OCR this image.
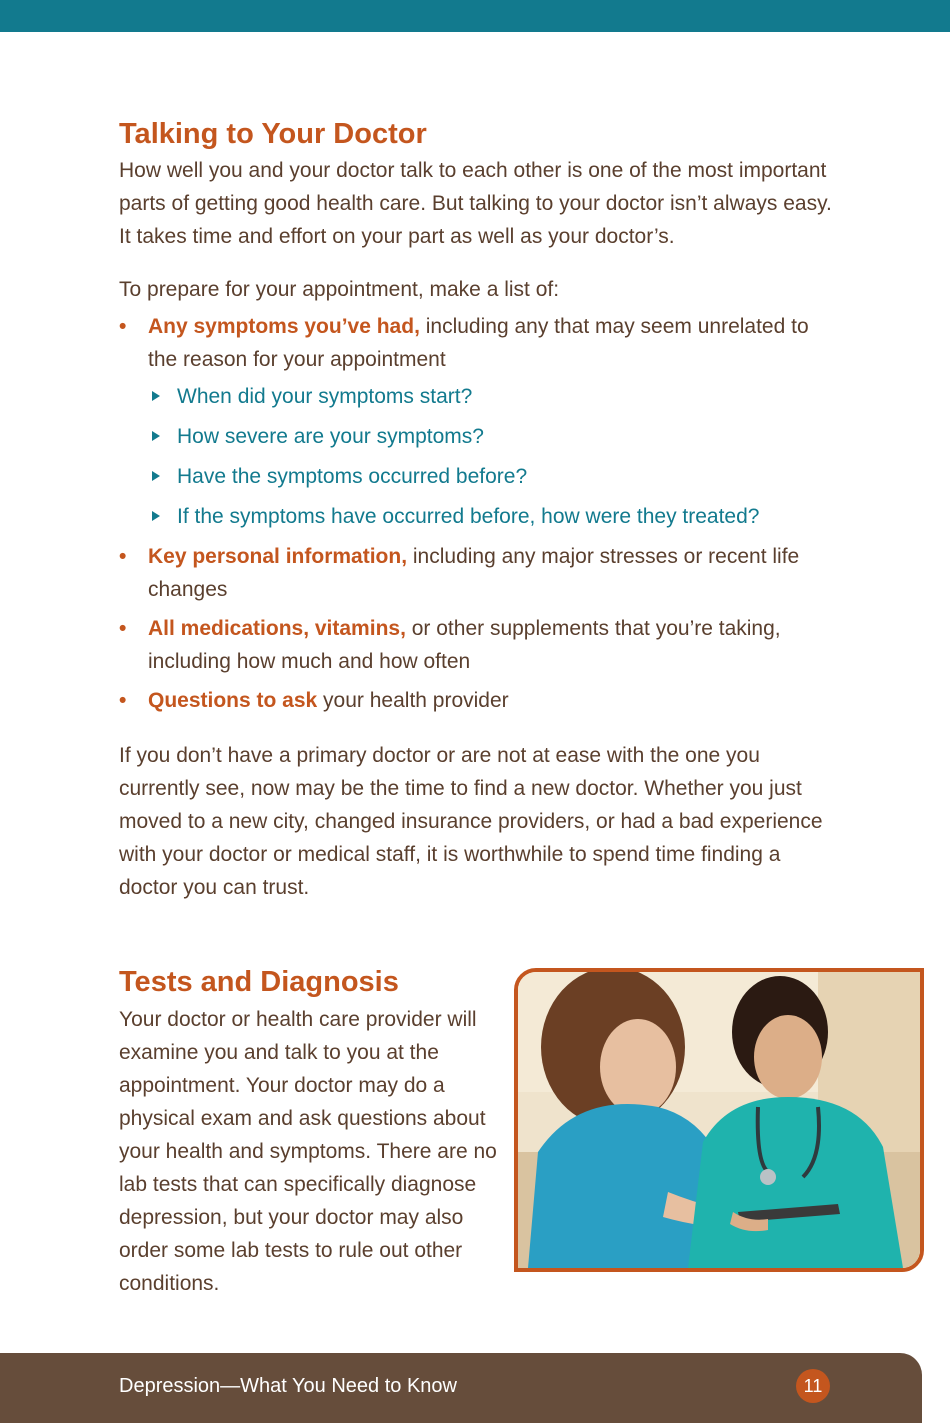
Talking to Your Doctor

How well you and your doctor talk to each other is one of the most important parts of getting good health care. But talking to your doctor isn’t always easy. It takes time and effort on your part as well as your doctor’s.

To prepare for your appointment, make a list of:

• Any symptoms you’ve had, including any that may seem unrelated to the reason for your appointment
When did your symptoms start?
How severe are your symptoms?
Have the symptoms occurred before?
If the symptoms have occurred before, how were they treated?
• Key personal information, including any major stresses or recent life changes
• All medications, vitamins, or other supplements that you’re taking, including how much and how often
• Questions to ask your health provider

If you don’t have a primary doctor or are not at ease with the one you currently see, now may be the time to find a new doctor. Whether you just moved to a new city, changed insurance providers, or had a bad experience with your doctor or medical staff, it is worthwhile to spend time finding a doctor you can trust.

Tests and Diagnosis

Your doctor or health care provider will examine you and talk to you at the appointment. Your doctor may do a physical exam and ask questions about your health and symptoms. There are no lab tests that can specifically diagnose depression, but your doctor may also order some lab tests to rule out other conditions.

Depression—What You Need to Know	11
